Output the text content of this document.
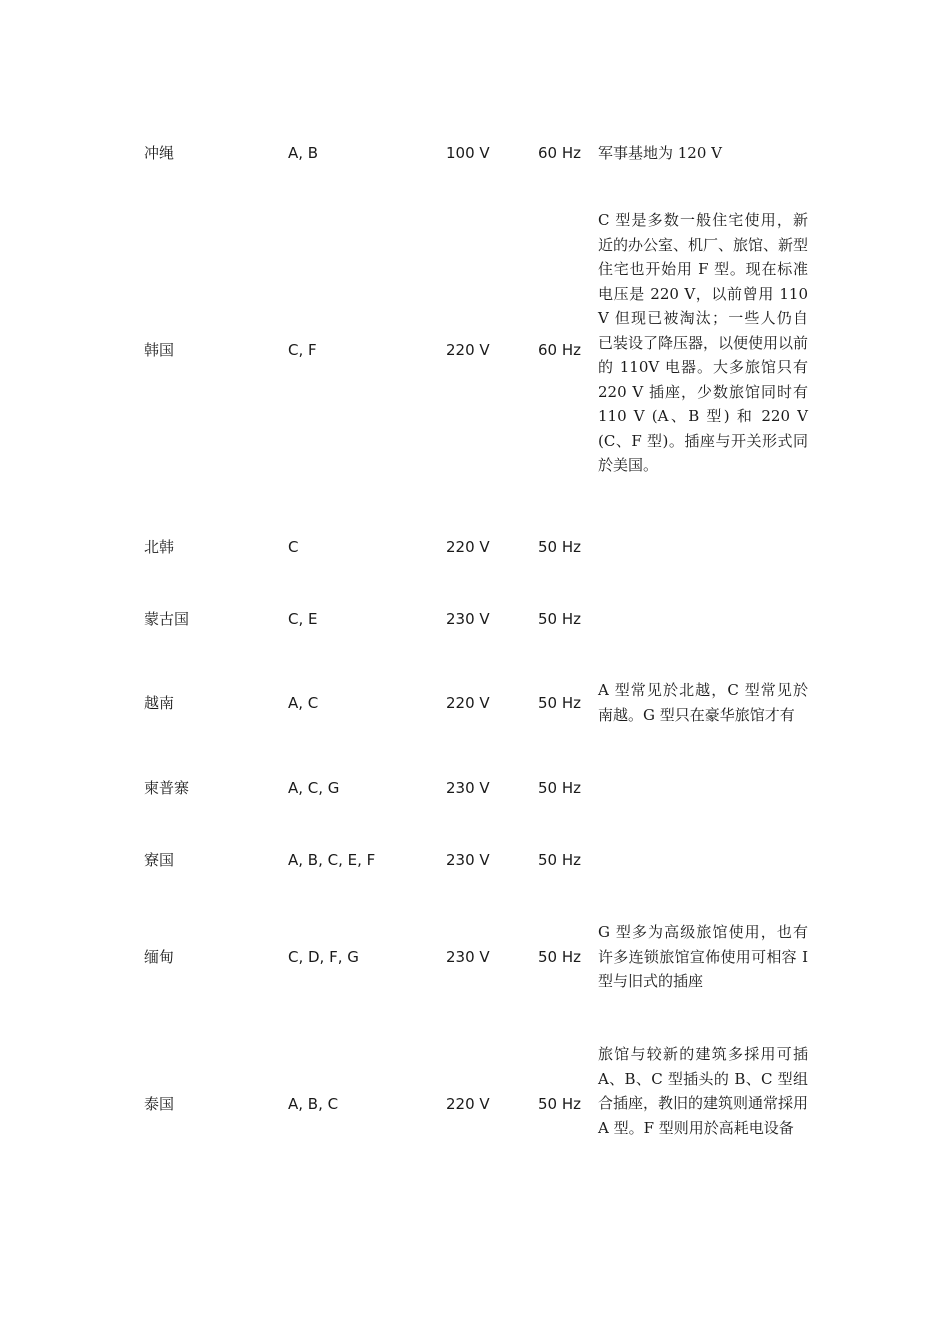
冲绳	A, B	100 V	60 Hz 军事基地为 120 V
韩国	C, F	220 V	60 Hz
C 型是多数一般住宅使用，新近的办公室、机厂、旅馆、新型住宅也开始用 F 型。现在标准电压是 220 V，以前曾用 110 V 但现已被淘汰；一些人仍自已装设了降压器，以便使用以前的 110V 电器。大多旅馆只有 220 V 插座，少数旅馆同时有 110 V (A、B 型) 和 220 V (C、F 型)。插座与开关形式同於美国。
北韩	C	220 V	50 Hz
蒙古国	C, E	230 V	50 Hz
越南	A, C	220 V	50 Hz
A 型常见於北越，C 型常见於南越。G 型只在豪华旅馆才有
柬普寨	A, C, G	230 V	50 Hz
寮国	A, B, C, E, F	230 V	50 Hz
缅甸	C, D, F, G	230 V	50 Hz
G 型多为高级旅馆使用，也有许多连锁旅馆宣佈使用可相容 I 型与旧式的插座
泰国	A, B, C	220 V	50 Hz
旅馆与较新的建筑多採用可插 A、B、C 型插头的 B、C 型组合插座，教旧的建筑则通常採用 A 型。F 型则用於高耗电设备
